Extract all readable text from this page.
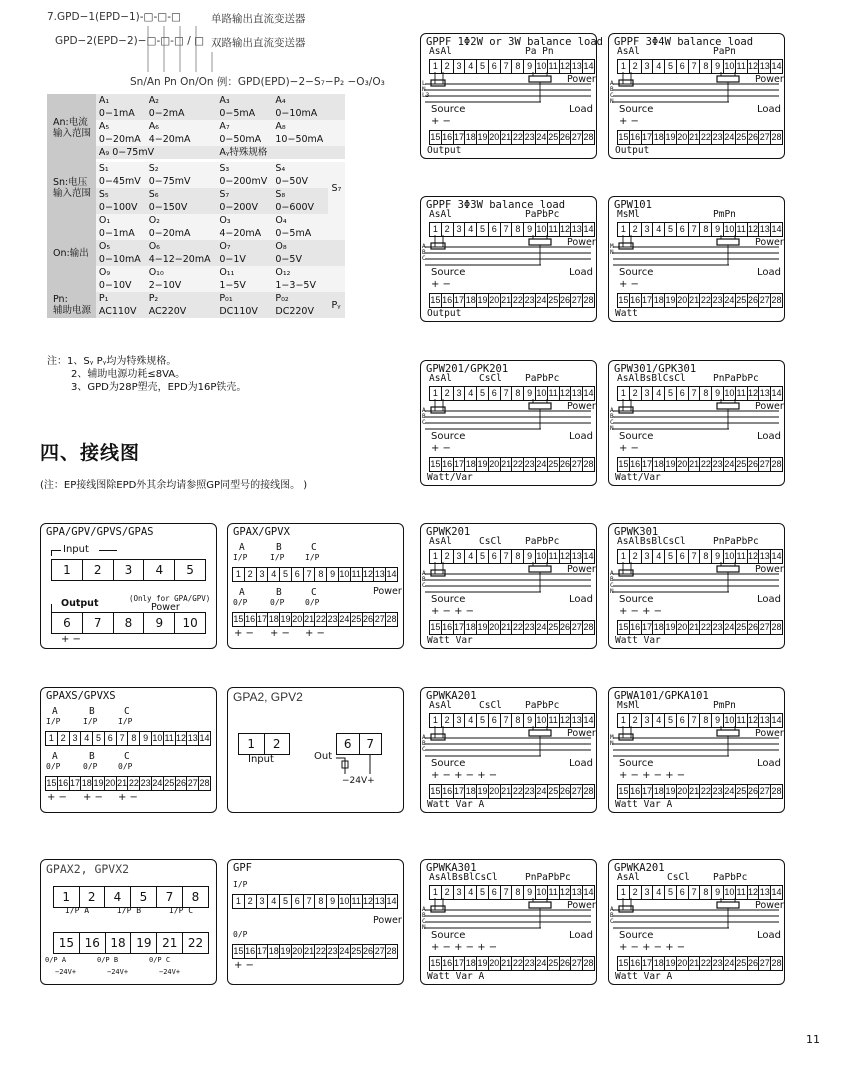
7.GPD−1(EPD−1)-□-□-□	单路输出直流变送器
GPD−2(EPD−2)−□-□-□ / □ 双路输出直流变送器
Sn/An Pn On/On 例：GPD(EPD)−2−S₇−P₂ −O₃/O₃
An:电流
输入范围	A₁	A₂	A₃	A₄	
	0−1mA	0−2mA	0−5mA	0−10mA	
	A₅	A₆	A₇	A₈	
	0−20mA	4−20mA	0−50mA	10−50mA	
	A₉ 0−75mV		Aᵧ特殊规格		

Sn:电压
输入范围	S₁	S₂	S₃	S₄	S₇
	0−45mV	0−75mV	0−200mV	0−50V	
	S₅	S₆	S₇	S₈	
	0−100V	0−150V	0−200V	0−600V	
On:输出	O₁	O₂	O₃	O₄	
	0−1mA	0−20mA	4−20mA	0−5mA	
	O₅	O₆	O₇	O₈	
	0−10mA	4−12−20mA	0−1V	0−5V	
	O₉	O₁₀	O₁₁	O₁₂	
	0−10V	2−10V	1−5V	1−3−5V	
Pn:
辅助电源	P₁	P₂	P₀₁	P₀₂	Pᵧ
	AC110V	AC220V	DC110V	DC220V	
注：1、Sᵧ Pᵧ均为特殊规格。
2、辅助电源功耗≤8VA。
3、GPD为28P塑壳，EPD为16P铁壳。
四、接线图
(注：EP接线图除EPD外其余均请参照GP同型号的接线图。 )
GPPF 1Φ2W or 3W balance load
AsAl	Pa Pn
1 2 3 4 5 6 7 8 9 10 11 12 13 14
Power
L
N
L3
Source	Load
+ −
15 16 17 18 19 20 21 22 23 24 25 26 27 28
Output
GPPF 3Φ4W balance load
AsAl	PaPn
1 2 3 4 5 6 7 8 9 10 11 12 13 14
Power
A
B
C
N
Source	Load
+ −
15 16 17 18 19 20 21 22 23 24 25 26 27 28
Output
GPPF 3Φ3W balance load
AsAl	PaPbPc
1 2 3 4 5 6 7 8 9 10 11 12 13 14
Power
A
B
C
Source	Load
+ −
15 16 17 18 19 20 21 22 23 24 25 26 27 28
Output
GPW101
MsMl	PmPn
1 2 3 4 5 6 7 8 9 10 11 12 13 14
Power
M
N
Source	Load
+ −
15 16 17 18 19 20 21 22 23 24 25 26 27 28
Watt
GPW201/GPK201
AsAl	CsCl PaPbPc
1 2 3 4 5 6 7 8 9 10 11 12 13 14
Power
A
B
C
Source	Load
+ −
15 16 17 18 19 20 21 22 23 24 25 26 27 28
Watt/Var
GPW301/GPK301
AsAlBsBlCsCl	PnPaPbPc
1 2 3 4 5 6 7 8 9 10 11 12 13 14
Power
A
B
C
N
Source	Load
+ −
15 16 17 18 19 20 21 22 23 24 25 26 27 28
Watt/Var
GPWK201
AsAl	CsCl PaPbPc
1 2 3 4 5 6 7 8 9 10 11 12 13 14
Power
A
B
C
Source	Load
+ − + −
15 16 17 18 19 20 21 22 23 24 25 26 27 28
Watt Var
GPWK301
AsAlBsBlCsCl	PnPaPbPc
1 2 3 4 5 6 7 8 9 10 11 12 13 14
Power
A
B
C
N
Source	Load
+ − + −
15 16 17 18 19 20 21 22 23 24 25 26 27 28
Watt Var
GPWKA201
AsAl	CsCl PaPbPc
1 2 3 4 5 6 7 8 9 10 11 12 13 14
Power
A
B
C
Source	Load
+ − + − + −
15 16 17 18 19 20 21 22 23 24 25 26 27 28
Watt Var A
GPWA101/GPKA101
MsMl	PmPn
1 2 3 4 5 6 7 8 9 10 11 12 13 14
Power
M
N
Source	Load
+ − + − + −
15 16 17 18 19 20 21 22 23 24 25 26 27 28
Watt Var A
GPWKA301
AsAlBsBlCsCl	PnPaPbPc
1 2 3 4 5 6 7 8 9 10 11 12 13 14
Power
A
B
C
N
Source	Load
+ − + − + −
15 16 17 18 19 20 21 22 23 24 25 26 27 28
Watt Var A
GPWKA201
AsAl	CsCl PaPbPc
1 2 3 4 5 6 7 8 9 10 11 12 13 14
Power
A
B
C
Source	Load
+ − + − + −
15 16 17 18 19 20 21 22 23 24 25 26 27 28
Watt Var A
GPA/GPV/GPVS/GPAS
Input
1	2	3	4	5
(Only for GPA/GPV)
Output	Power
6	7	8	9	10
+ −
GPAX/GPVX
A	B	C
I/P	I/P	I/P
1 2 3 4 5 6 7 8 9 10 11 12 13 14
Power
A	B	C
0/P	0/P	0/P
15 16 17 18 19 20 21 22 23 24 25 26 27 28
+ − + − + −
GPAXS/GPVXS
A	B	C
I/P	I/P	I/P
1 2 3 4 5 6 7 8 9 10 11 12 13 14
A	B	C
0/P	0/P	0/P
15 16 17 18 19 20 21 22 23 24 25 26 27 28
+ − + − + −
GPA2, GPV2
1	2
Input
6	7
Out
−24V+
GPAX2, GPVX2
1	2	4	5	7	8
I/P A	I/P B	I/P C
15 16 18 19 21 22
0/P A	0/P B	0/P C
−24V+	−24V+	−24V+
GPF
I/P
1 2 3 4 5 6 7 8 9 10 11 12 13 14
Power
0/P
15 16 17 18 19 20 21 22 23 24 25 26 27 28
+ −
11
